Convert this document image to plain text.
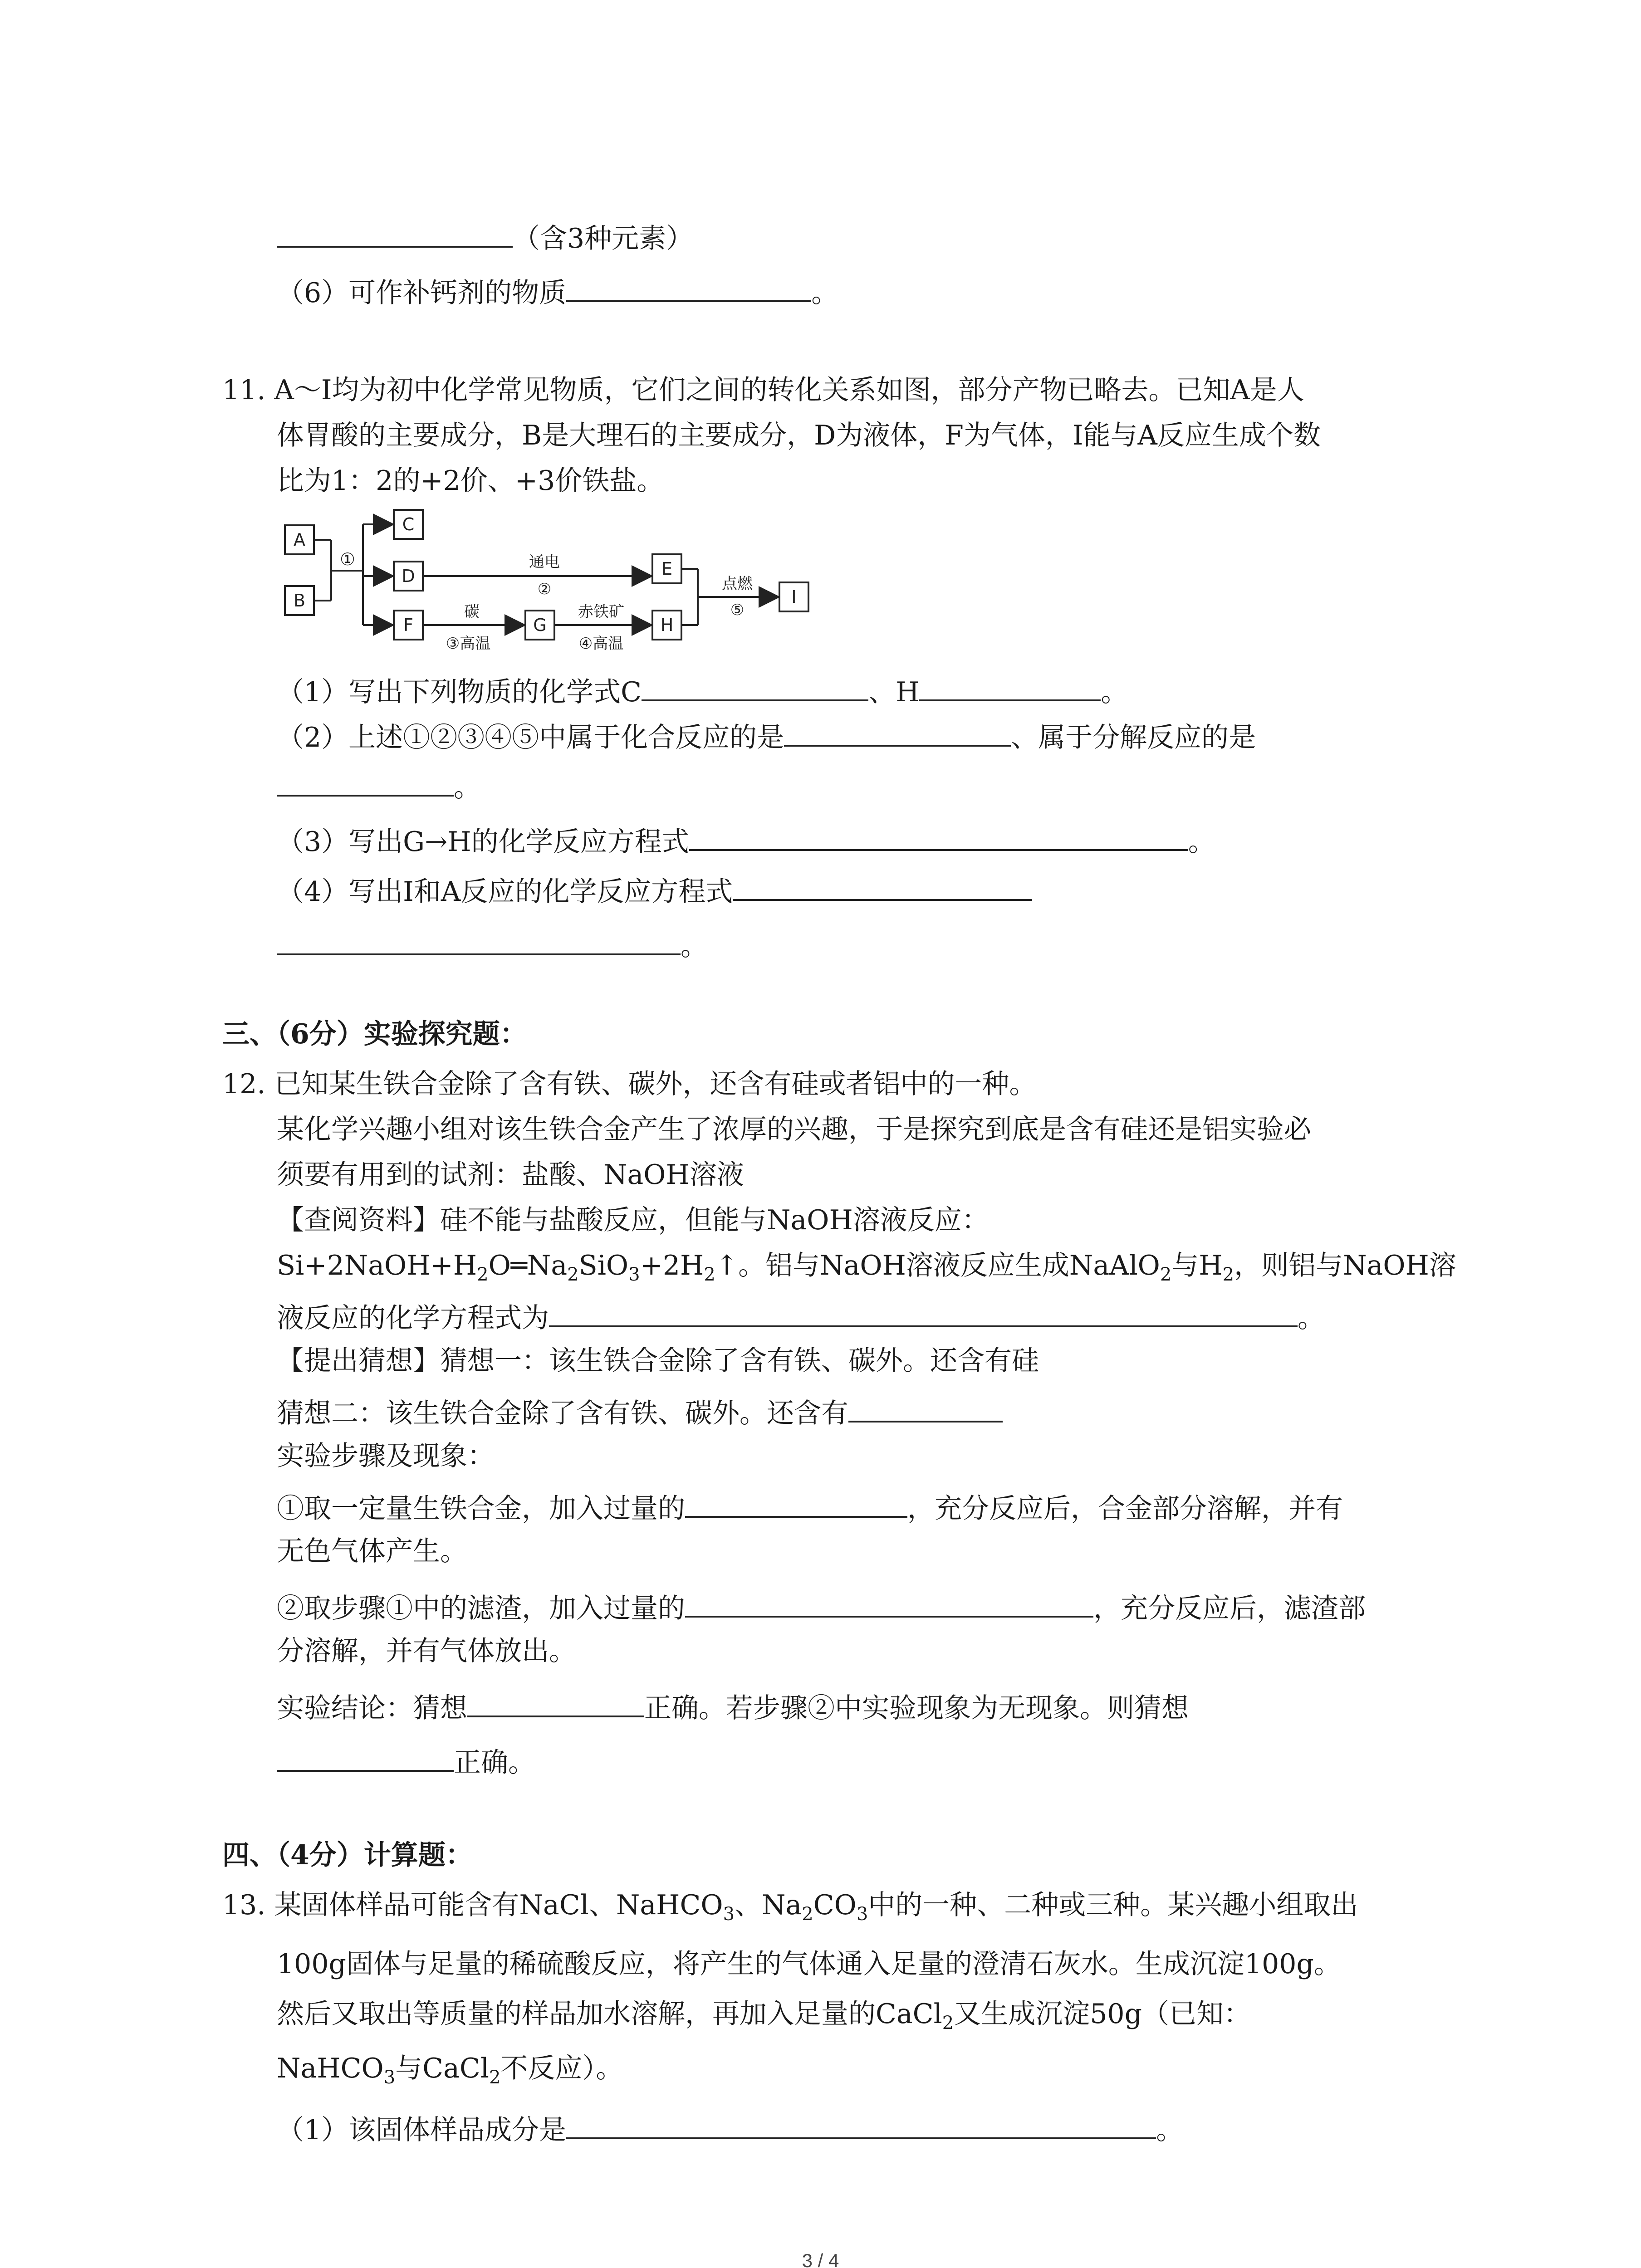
（含3种元素）
（6）可作补钙剂的物质	。
11. A～I均为初中化学常见物质，它们之间的转化关系如图，部分产物已略去。已知A是人
体胃酸的主要成分，B是大理石的主要成分，D为液体，F为气体，I能与A反应生成个数
比为1：2的+2价、+3价铁盐。
A
B
C
D	E
F	G	H
I
①	通电
②
碳
③高温
赤铁矿
④高温
点燃
⑤
（1）写出下列物质的化学式C	、H	。
（2）上述①②③④⑤中属于化合反应的是	、属于分解反应的是
。
（3）写出G→H的化学反应方程式	。
（4）写出I和A反应的化学反应方程式
。
三、（6分）实验探究题：
12. 已知某生铁合金除了含有铁、碳外，还含有硅或者铝中的一种。
某化学兴趣小组对该生铁合金产生了浓厚的兴趣，于是探究到底是含有硅还是铝实验必
须要有用到的试剂：盐酸、NaOH溶液
【查阅资料】硅不能与盐酸反应，但能与NaOH溶液反应：
$Si+2NaOH+H_2O═Na_2SiO_3+2H_2↑$。铝与NaOH溶液反应生成NaAlO$_2$与$H_2$，则铝与NaOH溶
液反应的化学方程式为	。
【提出猜想】猜想一：该生铁合金除了含有铁、碳外。还含有硅
猜想二：该生铁合金除了含有铁、碳外。还含有
实验步骤及现象：
①取一定量生铁合金，加入过量的	，充分反应后，合金部分溶解，并有
无色气体产生。
②取步骤①中的滤渣，加入过量的	，充分反应后，滤渣部
分溶解，并有气体放出。
实验结论：猜想	正确。若步骤②中实验现象为无现象。则猜想
正确。
四、（4分）计算题：
13. 某固体样品可能含有NaCl、NaHCO$_3$、$Na_2CO_3$中的一种、二种或三种。某兴趣小组取出
100g固体与足量的稀硫酸反应，将产生的气体通入足量的澄清石灰水。生成沉淀100g。
然后又取出等质量的样品加水溶解，再加入足量的CaCl$_2$又生成沉淀50g（已知：
NaHCO$_3$与CaCl$_2$不反应）。
（1）该固体样品成分是	。
3 / 4
